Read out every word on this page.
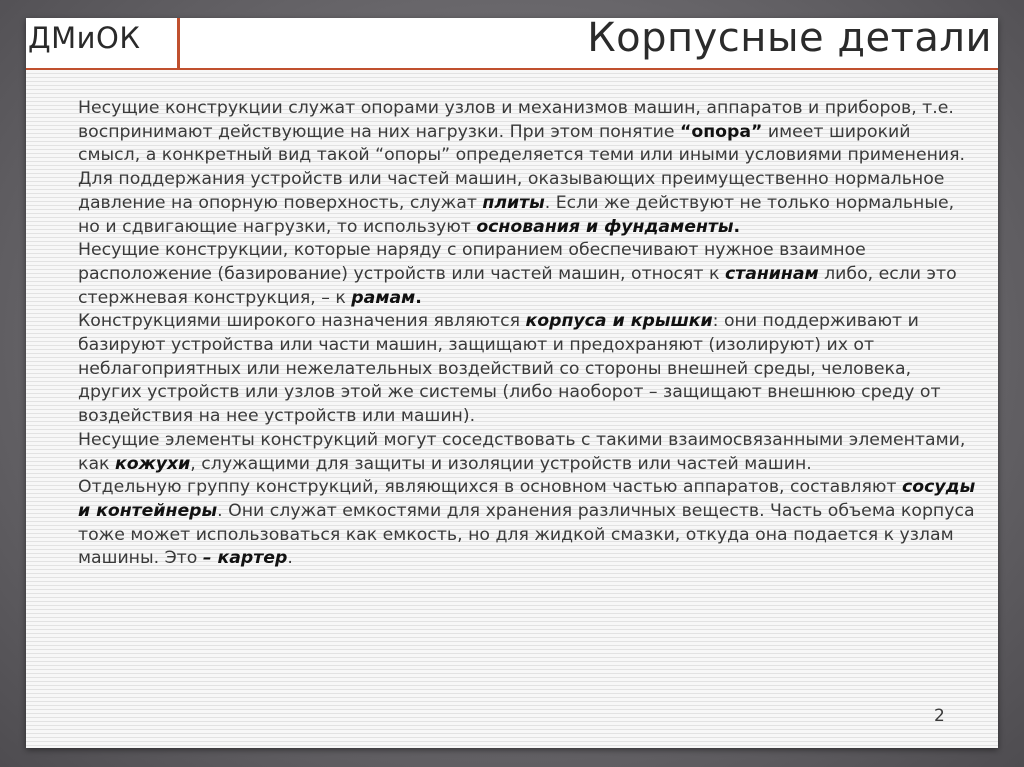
ДМиОК	Корпусные детали

Несущие конструкции служат опорами узлов и механизмов машин, аппаратов и приборов, т.е. воспринимают действующие на них нагрузки. При этом понятие “опора” имеет широкий смысл, а конкретный вид такой “опоры” определяется теми или иными условиями применения.

Для поддержания устройств или частей машин, оказывающих преимущественно нормальное давление на опорную поверхность, служат плиты. Если же действуют не только нормальные, но и сдвигающие нагрузки, то используют основания и фундаменты.

Несущие конструкции, которые наряду с опиранием обеспечивают нужное взаимное расположение (базирование) устройств или частей машин, относят к станинам либо, если это стержневая конструкция, – к рамам.

Конструкциями широкого назначения являются корпуса и крышки: они поддерживают и базируют устройства или части машин, защищают и предохраняют (изолируют) их от неблагоприятных или нежелательных воздействий со стороны внешней среды, человека, других устройств или узлов этой же системы (либо наоборот – защищают внешнюю среду от воздействия на нее устройств или машин).

Несущие элементы конструкций могут соседствовать с такими взаимосвязанными элементами, как кожухи, служащими для защиты и изоляции устройств или частей машин.

Отдельную группу конструкций, являющихся в основном частью аппаратов, составляют сосуды и контейнеры. Они служат емкостями для хранения различных веществ. Часть объема корпуса тоже может использоваться как емкость, но для жидкой смазки, откуда она подается к узлам машины. Это – картер.

2
